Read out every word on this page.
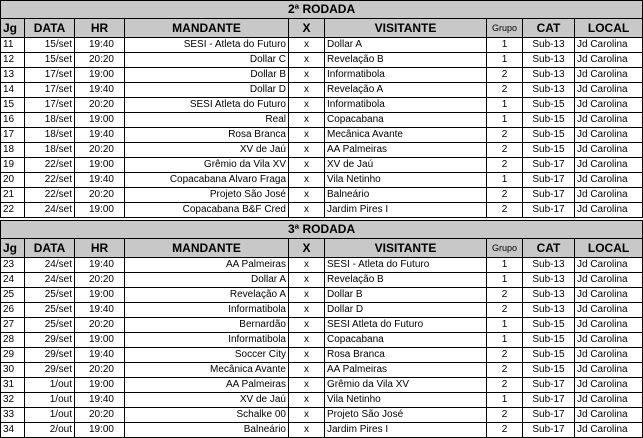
2ª RODADA								
Jg	DATA	HR	MANDANTE	X	VISITANTE	Grupo	CAT	LOCAL
11	15/set	19:40	SESI - Atleta do Futuro	x	Dollar A	1	Sub-13	Jd Carolina
12	15/set	20:20	Dollar C	x	Revelação B	1	Sub-13	Jd Carolina
13	17/set	19:00	Dollar B	x	Informatibola	2	Sub-13	Jd Carolina
14	17/set	19:40	Dollar D	x	Revelação A	2	Sub-13	Jd Carolina
15	17/set	20:20	SESI Atleta do Futuro	x	Informatibola	1	Sub-15	Jd Carolina
16	18/set	19:00	Real	x	Copacabana	1	Sub-15	Jd Carolina
17	18/set	19:40	Rosa Branca	x	Mecânica Avante	2	Sub-15	Jd Carolina
18	18/set	20:20	XV de Jaú	x	AA Palmeiras	2	Sub-15	Jd Carolina
19	22/set	19:00	Grêmio da Vila XV	x	XV de Jaú	2	Sub-17	Jd Carolina
20	22/set	19:40	Copacabana Alvaro Fraga	x	Vila Netinho	1	Sub-17	Jd Carolina
21	22/set	20:20	Projeto São José	x	Balneário	2	Sub-17	Jd Carolina
22	24/set	19:00	Copacabana B&F Cred	x	Jardim Pires I	2	Sub-17	Jd Carolina

3ª RODADA								
Jg	DATA	HR	MANDANTE	X	VISITANTE	Grupo	CAT	LOCAL
23	24/set	19:40	AA Palmeiras	x	SESI - Atleta do Futuro	1	Sub-13	Jd Carolina
24	24/set	20:20	Dollar A	x	Revelação B	1	Sub-13	Jd Carolina
25	25/set	19:00	Revelação A	x	Dollar B	2	Sub-13	Jd Carolina
26	25/set	19:40	Informatibola	x	Dollar D	2	Sub-13	Jd Carolina
27	25/set	20:20	Bernardão	x	SESI Atleta do Futuro	1	Sub-15	Jd Carolina
28	29/set	19:00	Informatibola	x	Copacabana	1	Sub-15	Jd Carolina
29	29/set	19:40	Soccer City	x	Rosa Branca	2	Sub-15	Jd Carolina
30	29/set	20:20	Mecânica Avante	x	AA Palmeiras	2	Sub-15	Jd Carolina
31	1/out	19:00	AA Palmeiras	x	Grêmio da Vila XV	2	Sub-17	Jd Carolina
32	1/out	19:40	XV de Jaú	x	Vila Netinho	1	Sub-17	Jd Carolina
33	1/out	20:20	Schalke 00	x	Projeto São José	2	Sub-17	Jd Carolina
34	2/out	19:00	Balneário	x	Jardim Pires I	2	Sub-17	Jd Carolina
